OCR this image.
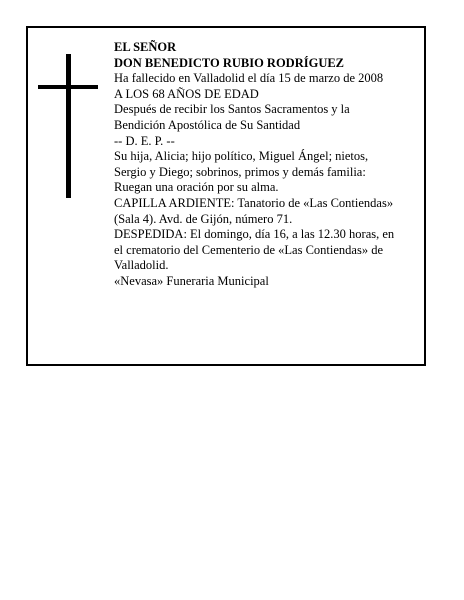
EL SEÑOR
DON BENEDICTO RUBIO RODRÍGUEZ
Ha fallecido en Valladolid el día 15 de marzo de 2008
A LOS 68 AÑOS DE EDAD
Después de recibir los Santos Sacramentos y la
Bendición Apostólica de Su Santidad
-- D. E. P. --
Su hija, Alicia; hijo político, Miguel Ángel; nietos,
Sergio y Diego; sobrinos, primos y demás familia:
Ruegan una oración por su alma.
CAPILLA ARDIENTE: Tanatorio de «Las Contiendas»
(Sala 4). Avd. de Gijón, número 71.
DESPEDIDA: El domingo, día 16, a las 12.30 horas, en
el crematorio del Cementerio de «Las Contiendas» de
Valladolid.
«Nevasa» Funeraria Municipal
